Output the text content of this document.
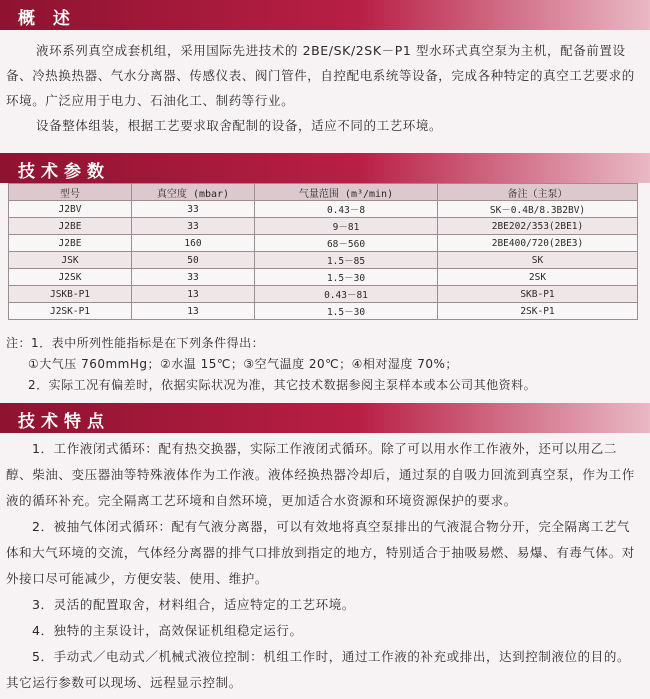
概 述

液环系列真空成套机组，采用国际先进技术的 2BE/SK/2SK－P1 型水环式真空泵为主机，配备前置设备、冷热换热器、气水分离器、传感仪表、阀门管件，自控配电系统等设备，完成各种特定的真空工艺要求的环境。广泛应用于电力、石油化工、制药等行业。

设备整体组装，根据工艺要求取舍配制的设备，适应不同的工艺环境。

技术参数
型号	真空度 (mbar)	气量范围 (m³/min)	备注（主泵）
J2BV	33	0.43－8	SK－0.4B/8.3B2BV)
J2BE	33	9－81	2BE202/353(2BE1)
J2BE	160	68－560	2BE400/720(2BE3)
JSK	50	1.5－85	SK
J2SK	33	1.5－30	2SK
JSKB-P1	13	0.43－81	SKB-P1
J2SK-P1	13	1.5－30	2SK-P1

注：1．表中所列性能指标是在下列条件得出：

①大气压 760mmHg；②水温 15℃；③空气温度 20℃；④相对湿度 70%；

2．实际工况有偏差时，依据实际状况为准，其它技术数据参阅主泵样本或本公司其他资料。

技术特点

1．工作液闭式循环：配有热交换器，实际工作液闭式循环。除了可以用水作工作液外，还可以用乙二醇、柴油、变压器油等特殊液体作为工作液。液体经换热器冷却后，通过泵的自吸力回流到真空泵，作为工作液的循环补充。完全隔离工艺环境和自然环境，更加适合水资源和环境资源保护的要求。

2．被抽气体闭式循环：配有气液分离器，可以有效地将真空泵排出的气液混合物分开，完全隔离工艺气体和大气环境的交流，气体经分离器的排气口排放到指定的地方，特别适合于抽吸易燃、易爆、有毒气体。对外接口尽可能减少，方便安装、使用、维护。

3．灵活的配置取舍，材料组合，适应特定的工艺环境。

4．独特的主泵设计，高效保证机组稳定运行。

5．手动式／电动式／机械式液位控制：机组工作时，通过工作液的补充或排出，达到控制液位的目的。其它运行参数可以现场、远程显示控制。
